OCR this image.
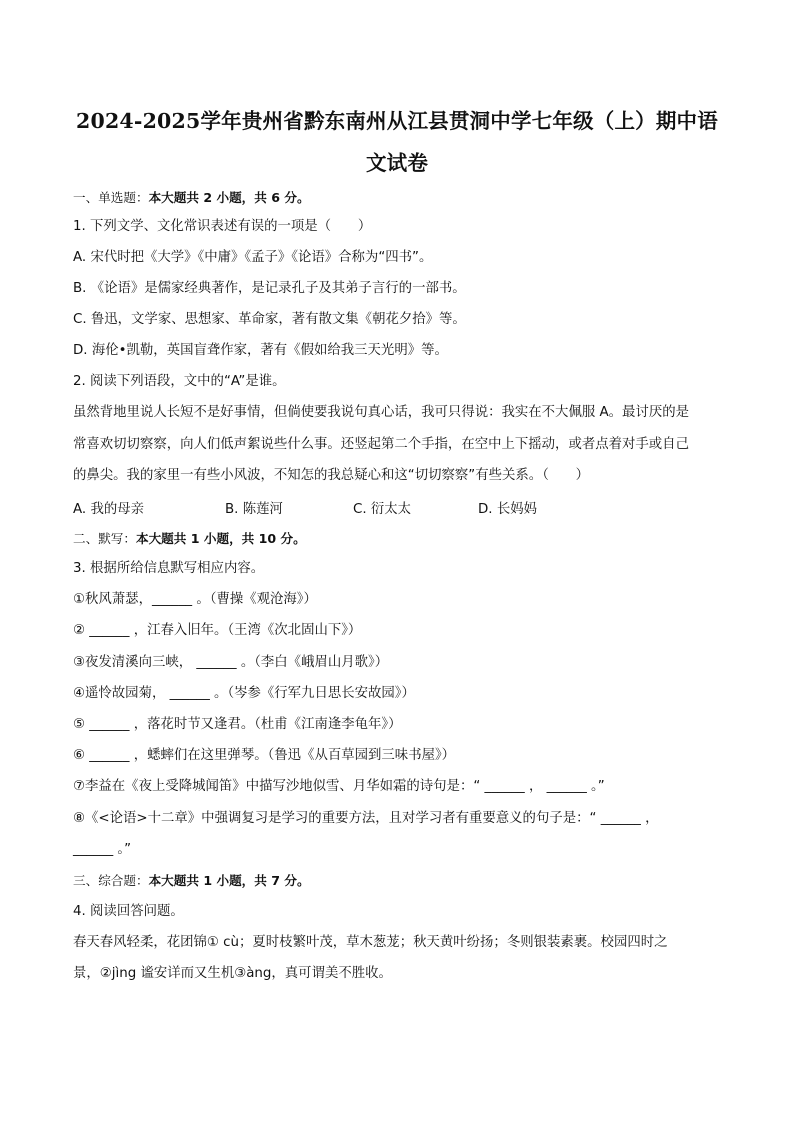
2024-2025学年贵州省黔东南州从江县贯洞中学七年级（上）期中语
文试卷
一、单选题：本大题共 2 小题，共 6 分。
1. 下列文学、文化常识表述有误的一项是（　　）
A. 宋代时把《大学》《中庸》《孟子》《论语》合称为“四书”。
B. 《论语》是儒家经典著作，是记录孔子及其弟子言行的一部书。
C. 鲁迅，文学家、思想家、革命家，著有散文集《朝花夕拾》等。
D. 海伦•凯勒，英国盲聋作家，著有《假如给我三天光明》等。
2. 阅读下列语段，文中的“A”是谁。
虽然背地里说人长短不是好事情，但倘使要我说句真心话，我可只得说：我实在不大佩服 A。最讨厌的是
常喜欢切切察察，向人们低声絮说些什么事。还竖起第二个手指，在空中上下摇动，或者点着对手或自己
的鼻尖。我的家里一有些小风波，不知怎的我总疑心和这“切切察察”有些关系。（　　）
A. 我的母亲	B. 陈莲河	C. 衍太太	D. 长妈妈
二、默写：本大题共 1 小题，共 10 分。
3. 根据所给信息默写相应内容。
①秋风萧瑟，______ 。（曹操《观沧海》）
② ______ ，江春入旧年。（王湾《次北固山下》）
③夜发清溪向三峡， ______ 。（李白《峨眉山月歌》）
④遥怜故园菊， ______ 。（岑参《行军九日思长安故园》）
⑤ ______ ，落花时节又逢君。（杜甫《江南逢李龟年》）
⑥ ______ ，蟋蟀们在这里弹琴。（鲁迅《从百草园到三味书屋》）
⑦李益在《夜上受降城闻笛》中描写沙地似雪、月华如霜的诗句是：“ ______ ， ______ 。”
⑧《<论语>十二章》中强调复习是学习的重要方法，且对学习者有重要意义的句子是：“ ______ ，
______ 。”
三、综合题：本大题共 1 小题，共 7 分。
4. 阅读回答问题。
春天春风轻柔，花团锦① cù；夏时枝繁叶茂，草木葱茏；秋天黄叶纷扬；冬则银装素裹。校园四时之
景，②jìng 谧安详而又生机③àng，真可谓美不胜收。
